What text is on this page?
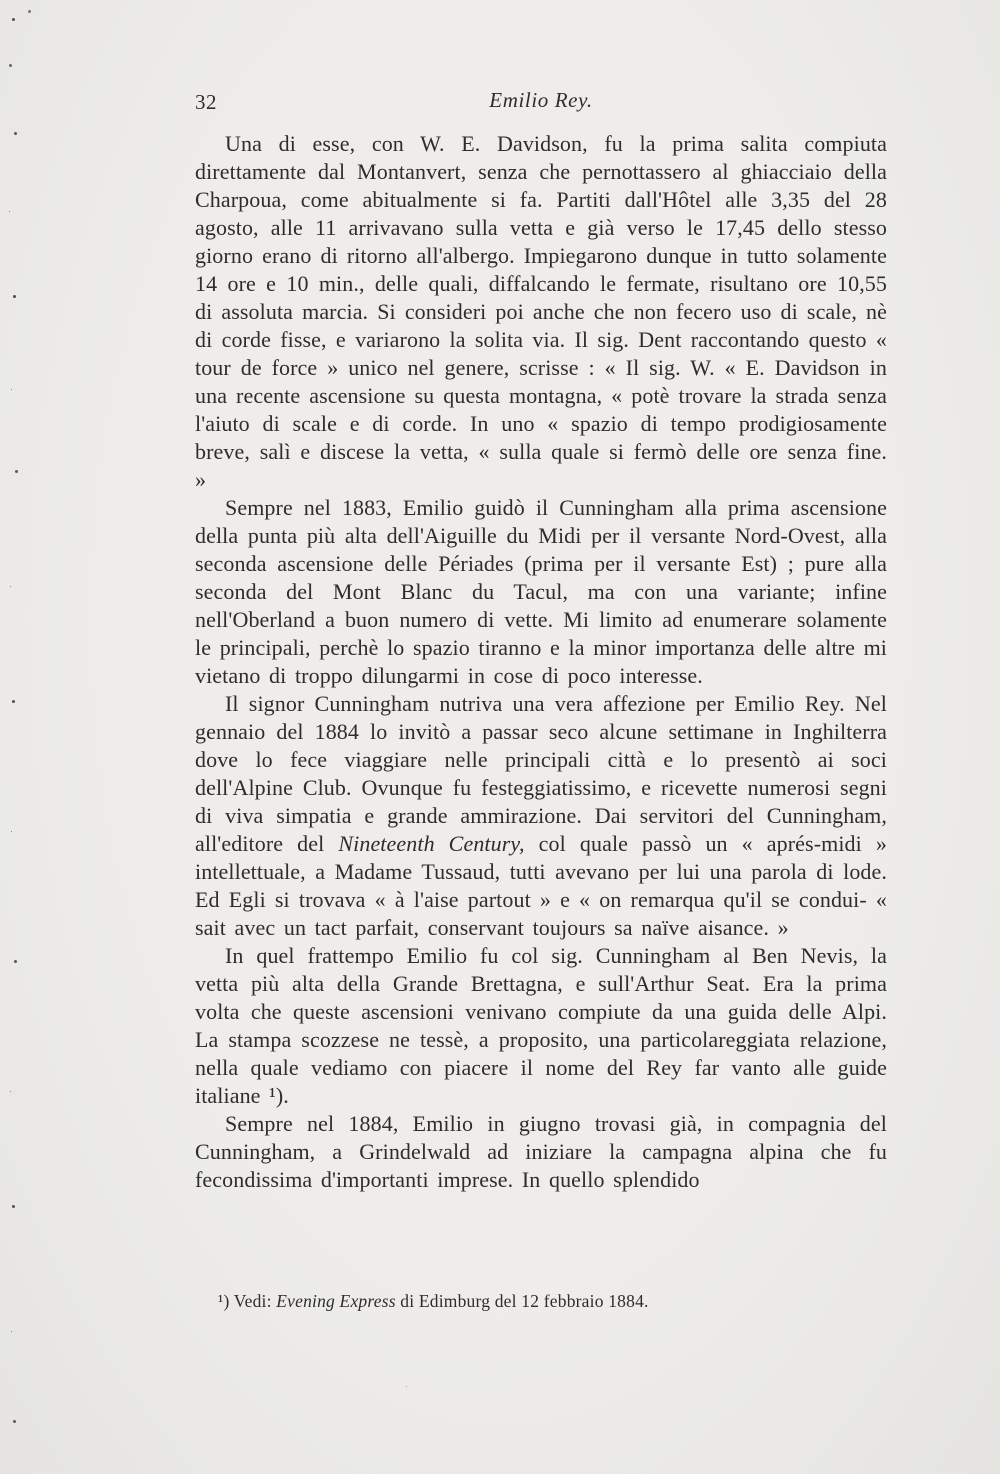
32	Emilio Rey.

Una di esse, con W. E. Davidson, fu la prima salita compiuta direttamente dal Montanvert, senza che pernottassero al ghiacciaio della Charpoua, come abitualmente si fa. Partiti dall'Hôtel alle 3,35 del 28 agosto, alle 11 arrivavano sulla vetta e già verso le 17,45 dello stesso giorno erano di ritorno all'albergo. Impiegarono dunque in tutto solamente 14 ore e 10 min., delle quali, diffalcando le fermate, risultano ore 10,55 di assoluta marcia. Si consideri poi anche che non fecero uso di scale, nè di corde fisse, e variarono la solita via. Il sig. Dent raccontando questo « tour de force » unico nel genere, scrisse : « Il sig. W. « E. Davidson in una recente ascensione su questa montagna, « potè trovare la strada senza l'aiuto di scale e di corde. In uno « spazio di tempo prodigiosamente breve, salì e discese la vetta, « sulla quale si fermò delle ore senza fine. »

Sempre nel 1883, Emilio guidò il Cunningham alla prima ascensione della punta più alta dell'Aiguille du Midi per il versante Nord-Ovest, alla seconda ascensione delle Périades (prima per il versante Est) ; pure alla seconda del Mont Blanc du Tacul, ma con una variante; infine nell'Oberland a buon numero di vette. Mi limito ad enumerare solamente le principali, perchè lo spazio tiranno e la minor importanza delle altre mi vietano di troppo dilungarmi in cose di poco interesse.

Il signor Cunningham nutriva una vera affezione per Emilio Rey. Nel gennaio del 1884 lo invitò a passar seco alcune settimane in Inghilterra dove lo fece viaggiare nelle principali città e lo presentò ai soci dell'Alpine Club. Ovunque fu festeggiatissimo, e ricevette numerosi segni di viva simpatia e grande ammirazione. Dai servitori del Cunningham, all'editore del Nineteenth Century, col quale passò un « aprés-midi » intellettuale, a Madame Tussaud, tutti avevano per lui una parola di lode. Ed Egli si trovava « à l'aise partout » e « on remarqua qu'il se condui- « sait avec un tact parfait, conservant toujours sa naïve aisance. »

In quel frattempo Emilio fu col sig. Cunningham al Ben Nevis, la vetta più alta della Grande Brettagna, e sull'Arthur Seat. Era la prima volta che queste ascensioni venivano compiute da una guida delle Alpi. La stampa scozzese ne tessè, a proposito, una particolareggiata relazione, nella quale vediamo con piacere il nome del Rey far vanto alle guide italiane ¹).

Sempre nel 1884, Emilio in giugno trovasi già, in compagnia del Cunningham, a Grindelwald ad iniziare la campagna alpina che fu fecondissima d'importanti imprese. In quello splendido

¹) Vedi: Evening Express di Edimburg del 12 febbraio 1884.
